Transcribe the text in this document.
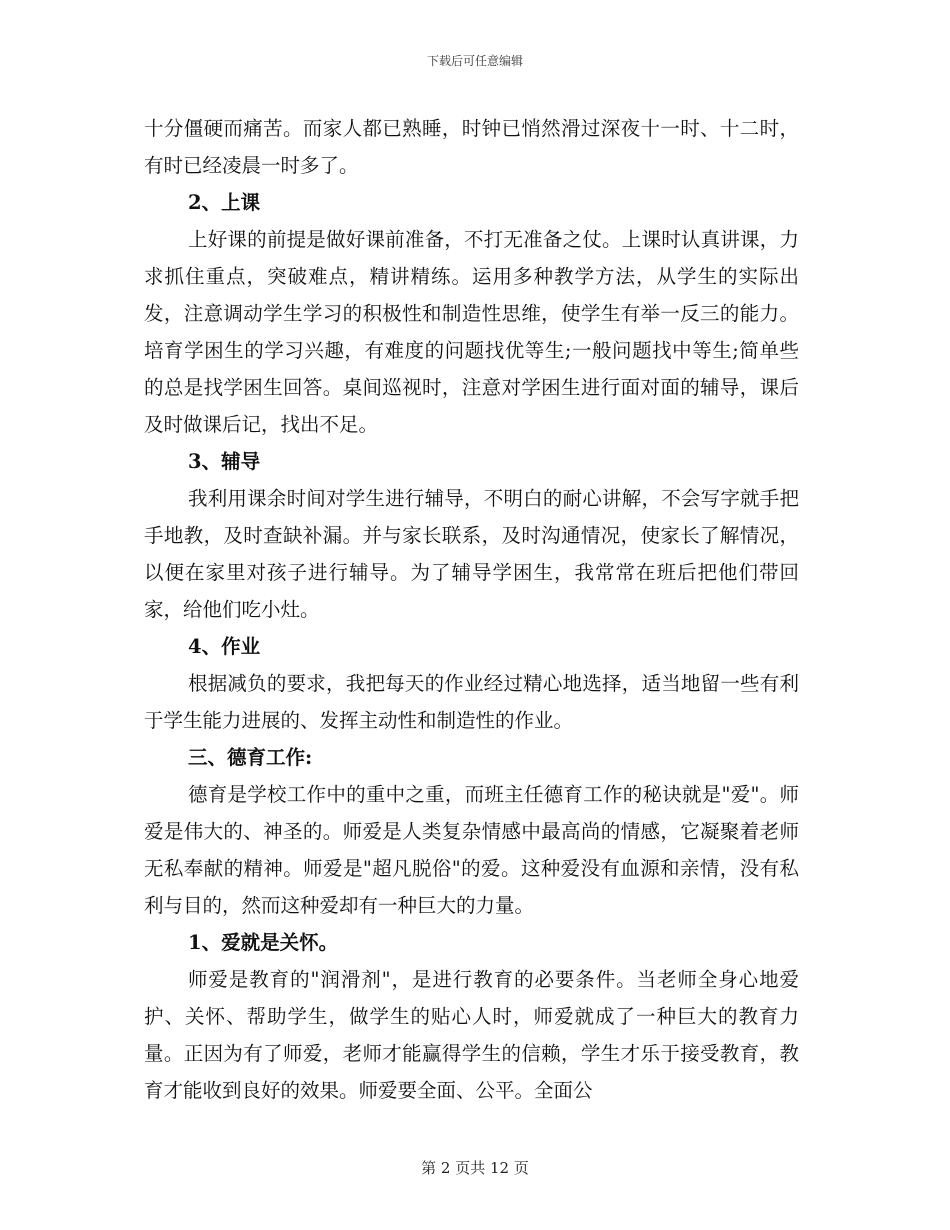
下载后可任意编辑

十分僵硬而痛苦。而家人都已熟睡，时钟已悄然滑过深夜十一时、十二时，有时已经凌晨一时多了。

2、上课

上好课的前提是做好课前准备，不打无准备之仗。上课时认真讲课，力求抓住重点，突破难点，精讲精练。运用多种教学方法，从学生的实际出发，注意调动学生学习的积极性和制造性思维，使学生有举一反三的能力。培育学困生的学习兴趣，有难度的问题找优等生;一般问题找中等生;简单些的总是找学困生回答。桌间巡视时，注意对学困生进行面对面的辅导，课后及时做课后记，找出不足。

3、辅导

我利用课余时间对学生进行辅导，不明白的耐心讲解，不会写字就手把手地教，及时查缺补漏。并与家长联系，及时沟通情况，使家长了解情况，以便在家里对孩子进行辅导。为了辅导学困生，我常常在班后把他们带回家，给他们吃小灶。

4、作业

根据减负的要求，我把每天的作业经过精心地选择，适当地留一些有利于学生能力进展的、发挥主动性和制造性的作业。

三、德育工作:

德育是学校工作中的重中之重，而班主任德育工作的秘诀就是"爱"。师爱是伟大的、神圣的。师爱是人类复杂情感中最高尚的情感，它凝聚着老师无私奉献的精神。师爱是"超凡脱俗"的爱。这种爱没有血源和亲情，没有私利与目的，然而这种爱却有一种巨大的力量。

1、爱就是关怀。

师爱是教育的"润滑剂"，是进行教育的必要条件。当老师全身心地爱护、关怀、帮助学生，做学生的贴心人时，师爱就成了一种巨大的教育力量。正因为有了师爱，老师才能赢得学生的信赖，学生才乐于接受教育，教育才能收到良好的效果。师爱要全面、公平。全面公

第 2 页共 12 页
